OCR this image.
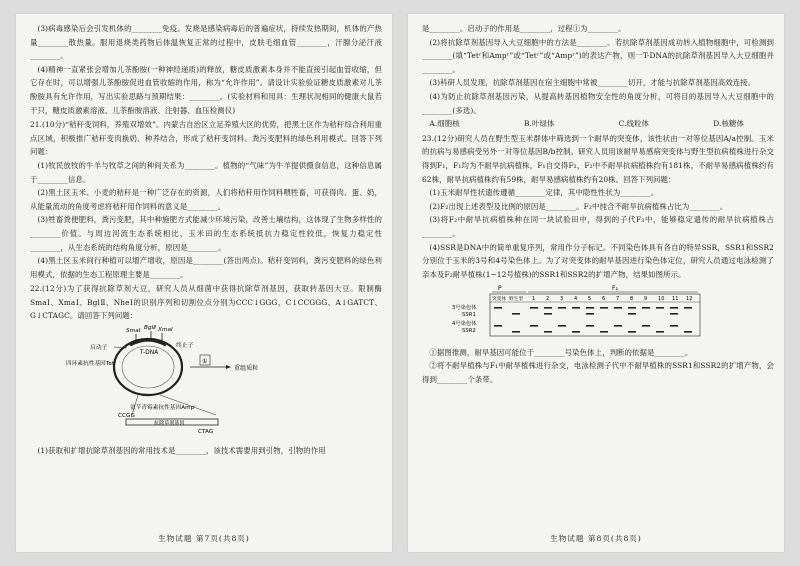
(3)病毒感染后会引发机体的________免疫。发烧是感染病毒后的普遍症状，持续发热期间，机体的产热量________散热量。服用退烧类药物后体温恢复正常的过程中，皮肤毛细血管________，汗腺分泌汗液________。

(4)精神一直紧张会增加儿茶酚胺(一种神经递质)的释放，糖皮质激素本身并不能直接引起血管收缩，但它存在时，可以增强儿茶酚胺促进血管收缩的作用，称为“允许作用”。请设计实验验证糖皮质激素对儿茶酚胺具有允许作用，写出实验思路与预期结果：________。(实验材料和用具：生理状况相同的健康大鼠若干只，糖皮质激素溶液、儿茶酚胺溶液、注射器、血压检测仪)

21.(10分)“秸秆变饲料，养殖双增效”。内蒙古自治区立足养殖大区的优势，把黑土区作为秸秆综合利用重点区域，积极推广秸秆变肉换奶、种养结合，形成了秸秆变饲料、粪污变肥料的绿色利用模式。回答下列问题：

(1)牧民放牧的牛羊与牧草之间的种间关系为________。植物的“气味”为牛羊提供摄食信息，这种信息属于________信息。

(2)黑土区玉米、小麦的秸秆是一种广泛存在的资源，人们将秸秆用作饲料喂牲畜，可获得肉、蛋、奶，从能量流动的角度考虑将秸秆用作饲料的意义是________。

(3)牲畜粪便肥料，粪污变肥，其中种施肥方式能减少环境污染，改善土壤结构，这体现了生物多样性的________价值。与周边河流生态系统相比，玉米田的生态系统抵抗力稳定性较低，恢复力稳定性________，从生态系统的结构角度分析，原因是________。

(4)黑土区玉米间行种植可以增产增收，原因是________(答出两点)。秸秆变饲料，粪污变肥料的绿色利用模式，依据的生态工程原理主要是________。

22.(12分)为了获得抗除草剂大豆，研究人员从细菌中获得抗除草剂基因，获取转基因大豆。限制酶 SmaⅠ、XmaⅠ、BglⅡ、NheⅠ的识别序列和切割位点分别为CCC↓GGG、C↓CCGGG、A↓GATCT、G↓CTAGC。请回答下列问题：

SmaⅠ BglⅡ XmaⅠ
启动子	终止子
T-DNA
四环素抗性基因Tetʳ
氨苄青霉素抗性基因Ampʳ
①
重组质粒
CCGG
抗除草剂基因
CTAG

(1)获取和扩增抗除草剂基因的常用技术是________，该技术需要用到引物，引物的作用

生物试题 第7页(共8页)

是________。启动子的作用是________，过程①为________。

(2)将抗除草剂基因导入大豆细胞中的方法是________。若抗除草剂基因成功转入植物细胞中，可检测到________(填“Tetʳ和Ampʳ”或“Tetʳ”或“Ampʳ”)的表达产物，则一T-DNA的抗除草剂基因导入大豆细胞并________。

(3)科研人员发现，抗除草剂基因在宿主细胞中常被________切开，才能与抗除草剂基因高效连接。

(4)为防止抗除草剂基因污染，从提高转基因植物安全性的角度分析，可将目的基因导入大豆细胞中的________(多选)。

A.细胞核	B.叶绿体	C.线粒体	D.核糖体

23.(12分)研究人员在野生型玉米群体中筛选到一个耐旱的突变体，该性状由一对等位基因A/a控制。玉米的抗病与易感病受另外一对等位基因B/b控制。研究人员用该耐旱易感病突变体与野生型抗病植株进行杂交得到F₁，F₁均为不耐旱抗病植株，F₁自交得F₂，F₂中不耐旱抗病植株约有181株，不耐旱易感病植株约有62株，耐旱抗病植株约有59株，耐旱易感病植株约有20株。回答下列问题：

(1)玉米耐旱性状遗传遵循________定律，其中隐性性状为________。

(2)F₂出现上述表型及比例的原因是________。F₂中纯合不耐旱抗病植株占比为________。

(3)将F₂中耐旱抗病植株种在同一块试验田中，得到的子代F₃中，能够稳定遗传的耐旱抗病植株占________。

(4)SSR是DNA中的简单重复序列，常用作分子标记。不同染色体具有各自的特异SSR，SSR1和SSR2分别位于玉米的3号和4号染色体上。为了对突变体的耐旱基因进行染色体定位，研究人员通过电泳检测了亲本及F₂耐旱植株(1~12号植株)的SSR1和SSR2的扩增产物，结果如图所示。

P	F₂
突变体 野生型 1 2 3 4 5 6 7 8 9 10 11 12
3号染色体
SSR1
4号染色体
SSR2

①据图推测，耐旱基因可能位于________号染色体上，判断的依据是________。

②将不耐旱植株与F₁中耐旱植株进行杂交，电泳检测子代中不耐旱植株的SSR1和SSR2的扩增产物，会得到________个条带。

生物试题 第8页(共8页)
